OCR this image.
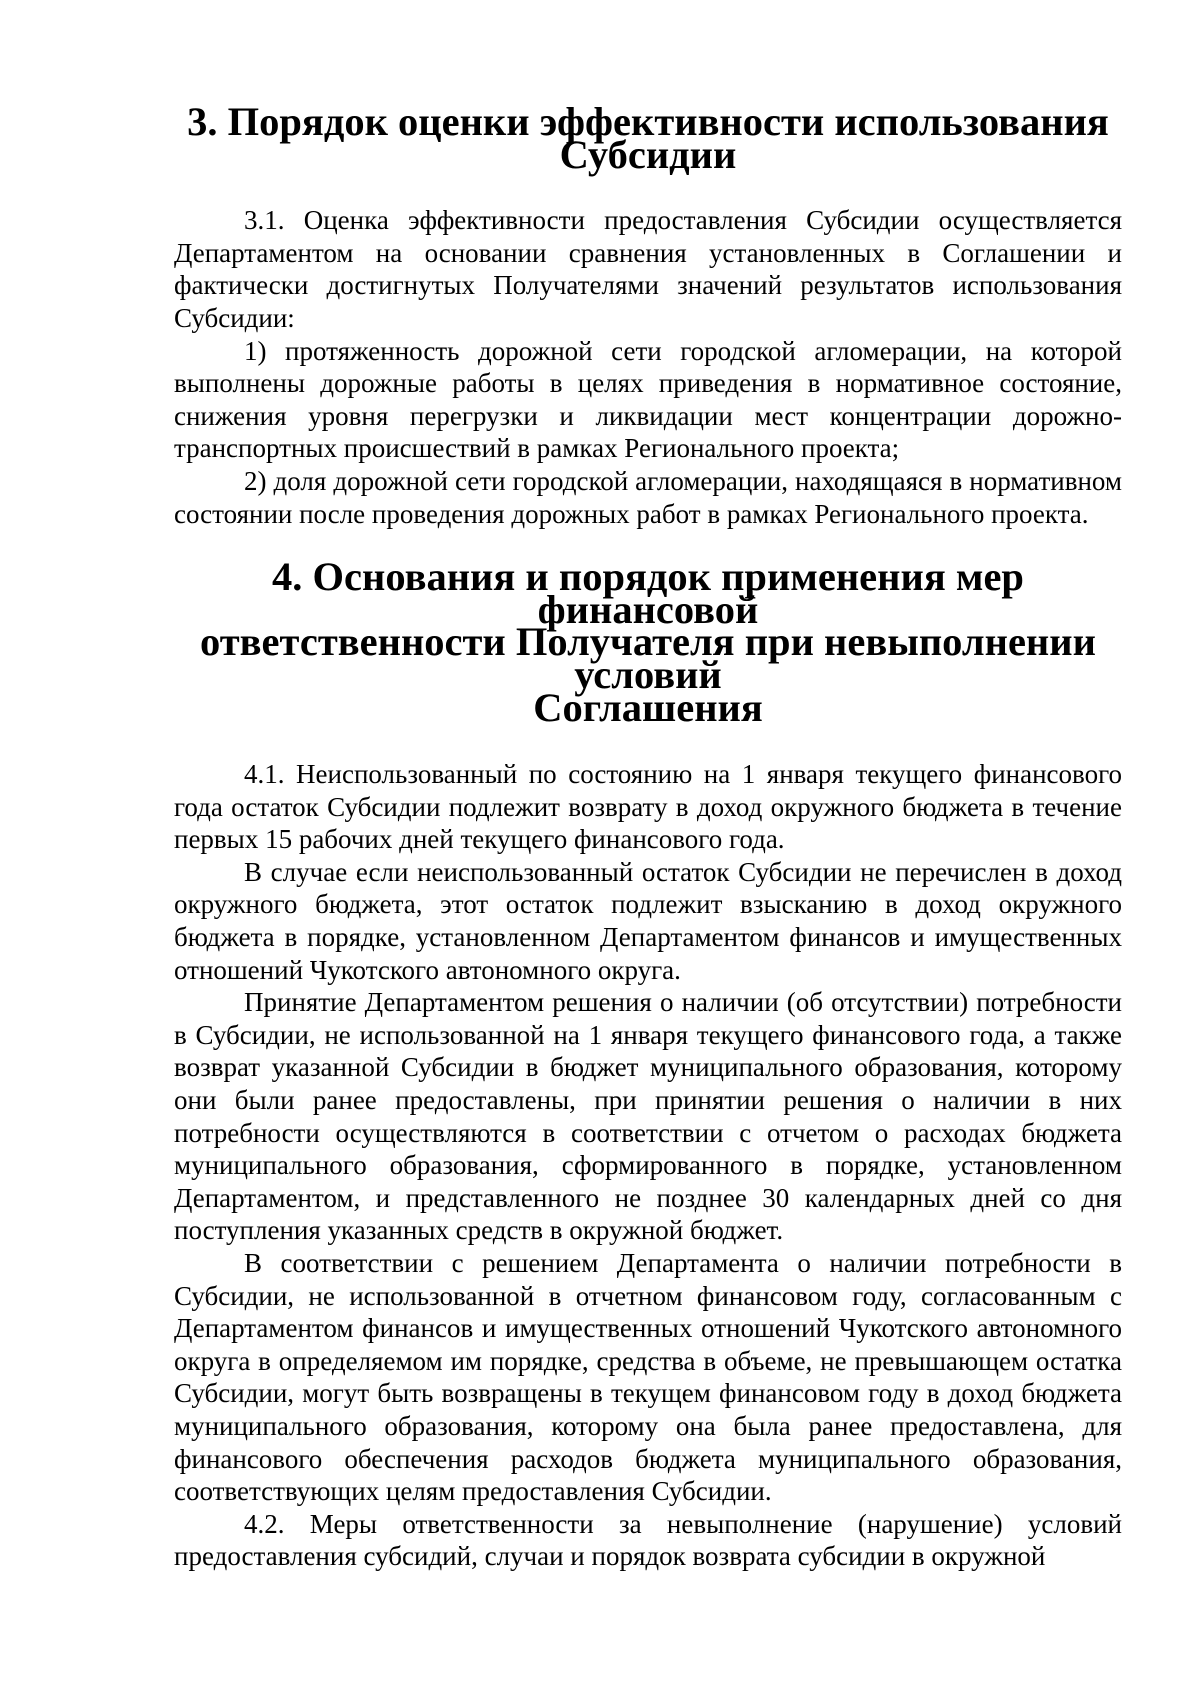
3. Порядок оценки эффективности использования Субсидии

3.1. Оценка эффективности предоставления Субсидии осуществляется Департаментом на основании сравнения установленных в Соглашении и фактически достигнутых Получателями значений результатов использования Субсидии:

1) протяженность дорожной сети городской агломерации, на которой выполнены дорожные работы в целях приведения в нормативное состояние, снижения уровня перегрузки и ликвидации мест концентрации дорожно-транспортных происшествий в рамках Регионального проекта;

2) доля дорожной сети городской агломерации, находящаяся в нормативном состоянии после проведения дорожных работ в рамках Регионального проекта.

4. Основания и порядок применения мер финансовой
ответственности Получателя при невыполнении условий
Соглашения

4.1. Неиспользованный по состоянию на 1 января текущего финансового года остаток Субсидии подлежит возврату в доход окружного бюджета в течение первых 15 рабочих дней текущего финансового года.

В случае если неиспользованный остаток Субсидии не перечислен в доход окружного бюджета, этот остаток подлежит взысканию в доход окружного бюджета в порядке, установленном Департаментом финансов и имущественных отношений Чукотского автономного округа.

Принятие Департаментом решения о наличии (об отсутствии) потребности в Субсидии, не использованной на 1 января текущего финансового года, а также возврат указанной Субсидии в бюджет муниципального образования, которому они были ранее предоставлены, при принятии решения о наличии в них потребности осуществляются в соответствии с отчетом о расходах бюджета муниципального образования, сформированного в порядке, установленном Департаментом, и представленного не позднее 30 календарных дней со дня поступления указанных средств в окружной бюджет.

В соответствии с решением Департамента о наличии потребности в Субсидии, не использованной в отчетном финансовом году, согласованным с Департаментом финансов и имущественных отношений Чукотского автономного округа в определяемом им порядке, средства в объеме, не превышающем остатка Субсидии, могут быть возвращены в текущем финансовом году в доход бюджета муниципального образования, которому она была ранее предоставлена, для финансового обеспечения расходов бюджета муниципального образования, соответствующих целям предоставления Субсидии.

4.2. Меры ответственности за невыполнение (нарушение) условий предоставления субсидий, случаи и порядок возврата субсидии в окружной
